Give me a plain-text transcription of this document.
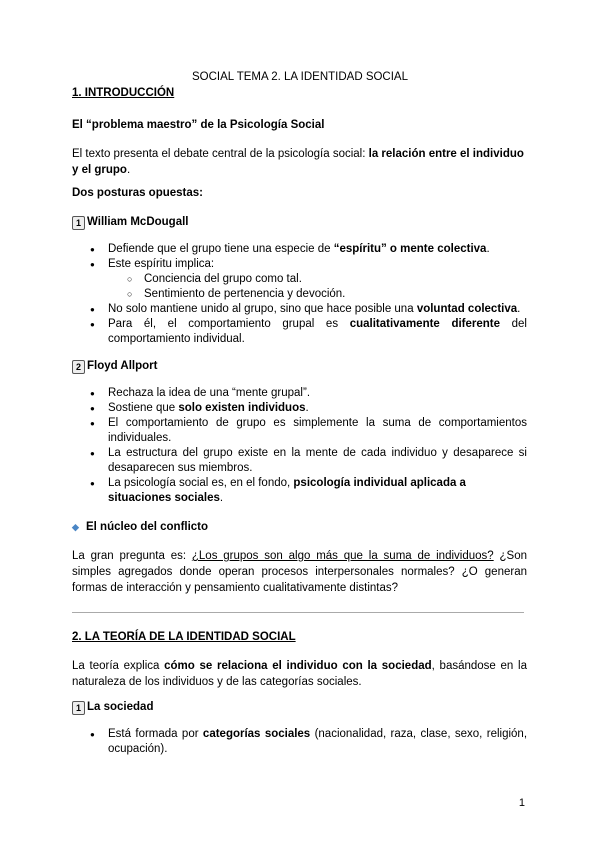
SOCIAL TEMA 2. LA IDENTIDAD SOCIAL
1. INTRODUCCIÓN
El “problema maestro” de la Psicología Social

El texto presenta el debate central de la psicología social: la relación entre el individuo y el grupo.

Dos posturas opuestas:
1 William McDougall
● Defiende que el grupo tiene una especie de “espíritu” o mente colectiva.
● Este espíritu implica:
○ Conciencia del grupo como tal.
○ Sentimiento de pertenencia y devoción.
● No solo mantiene unido al grupo, sino que hace posible una voluntad colectiva.
● Para él, el comportamiento grupal es cualitativamente diferente del comportamiento individual.
2 Floyd Allport
● Rechaza la idea de una “mente grupal”.
● Sostiene que solo existen individuos.
● El comportamiento de grupo es simplemente la suma de comportamientos individuales.
● La estructura del grupo existe en la mente de cada individuo y desaparece si desaparecen sus miembros.
● La psicología social es, en el fondo, psicología individual aplicada a situaciones sociales.
◆ El núcleo del conflicto

La gran pregunta es: ¿Los grupos son algo más que la suma de individuos? ¿Son simples agregados donde operan procesos interpersonales normales? ¿O generan formas de interacción y pensamiento cualitativamente distintas?

2. LA TEORÍA DE LA IDENTIDAD SOCIAL

La teoría explica cómo se relaciona el individuo con la sociedad, basándose en la naturaleza de los individuos y de las categorías sociales.

1 La sociedad
● Está formada por categorías sociales (nacionalidad, raza, clase, sexo, religión, ocupación).
1
